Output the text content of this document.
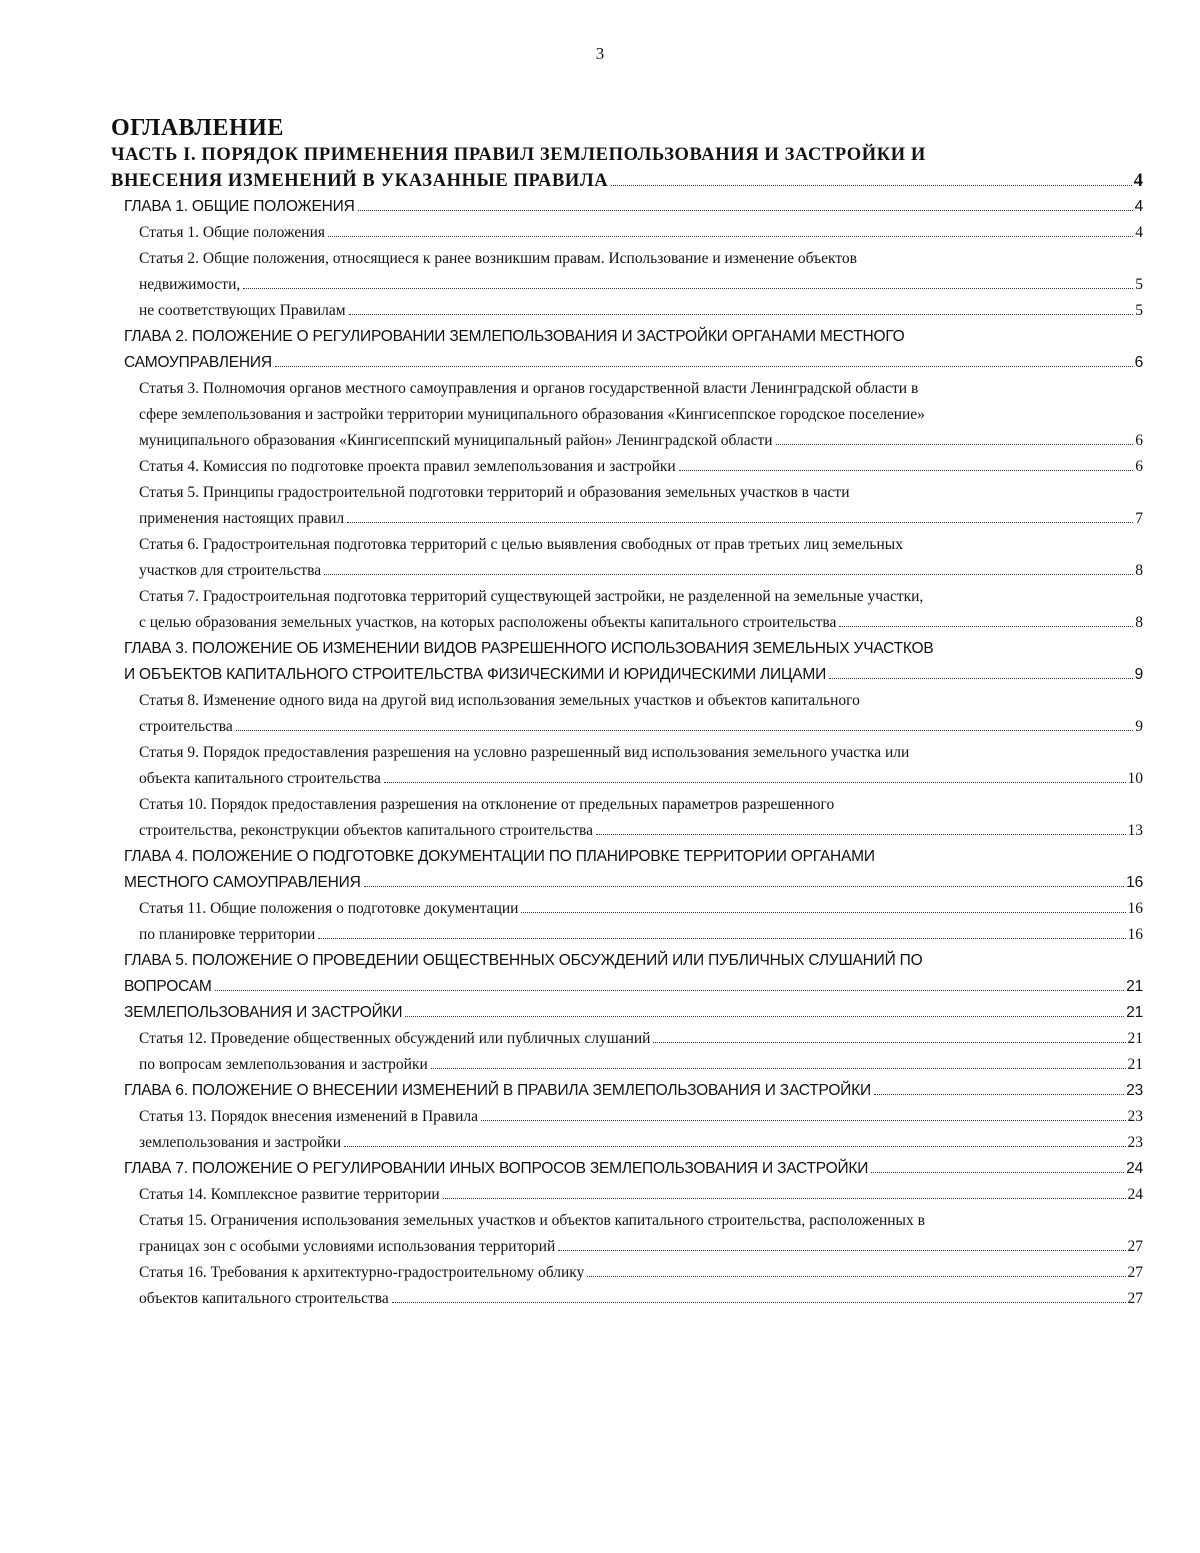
3
ОГЛАВЛЕНИЕ
ЧАСТЬ I. ПОРЯДОК ПРИМЕНЕНИЯ ПРАВИЛ ЗЕМЛЕПОЛЬЗОВАНИЯ И ЗАСТРОЙКИ И
ВНЕСЕНИЯ ИЗМЕНЕНИЙ В УКАЗАННЫЕ ПРАВИЛА	4
ГЛАВА 1. ОБЩИЕ ПОЛОЖЕНИЯ	4
Статья 1. Общие положения	4
Статья 2. Общие положения, относящиеся к ранее возникшим правам. Использование и изменение объектов
недвижимости,	5
не соответствующих Правилам	5
ГЛАВА 2. ПОЛОЖЕНИЕ О РЕГУЛИРОВАНИИ ЗЕМЛЕПОЛЬЗОВАНИЯ И ЗАСТРОЙКИ ОРГАНАМИ МЕСТНОГО
САМОУПРАВЛЕНИЯ	6
Статья 3. Полномочия органов местного самоуправления и органов государственной власти Ленинградской области в
сфере землепользования и застройки территории муниципального образования «Кингисеппское городское поселение»
муниципального образования «Кингисеппский муниципальный район» Ленинградской области	6
Статья 4. Комиссия по подготовке проекта правил землепользования и застройки	6
Статья 5. Принципы градостроительной подготовки территорий и образования земельных участков в части
применения настоящих правил	7
Статья 6. Градостроительная подготовка территорий с целью выявления свободных от прав третьих лиц земельных
участков для строительства	8
Статья 7. Градостроительная подготовка территорий существующей застройки, не разделенной на земельные участки,
с целью образования земельных участков, на которых расположены объекты капитального строительства	8
ГЛАВА 3. ПОЛОЖЕНИЕ ОБ ИЗМЕНЕНИИ ВИДОВ РАЗРЕШЕННОГО ИСПОЛЬЗОВАНИЯ ЗЕМЕЛЬНЫХ УЧАСТКОВ
И ОБЪЕКТОВ КАПИТАЛЬНОГО СТРОИТЕЛЬСТВА ФИЗИЧЕСКИМИ И ЮРИДИЧЕСКИМИ ЛИЦАМИ	9
Статья 8. Изменение одного вида на другой вид использования земельных участков и объектов капитального
строительства	9
Статья 9. Порядок предоставления разрешения на условно разрешенный вид использования земельного участка или
объекта капитального строительства	10
Статья 10. Порядок предоставления разрешения на отклонение от предельных параметров разрешенного
строительства, реконструкции объектов капитального строительства	13
ГЛАВА 4. ПОЛОЖЕНИЕ О ПОДГОТОВКЕ ДОКУМЕНТАЦИИ ПО ПЛАНИРОВКЕ ТЕРРИТОРИИ ОРГАНАМИ
МЕСТНОГО САМОУПРАВЛЕНИЯ	16
Статья 11. Общие положения о подготовке документации	16
по планировке территории	16
ГЛАВА 5. ПОЛОЖЕНИЕ О ПРОВЕДЕНИИ ОБЩЕСТВЕННЫХ ОБСУЖДЕНИЙ ИЛИ ПУБЛИЧНЫХ СЛУШАНИЙ ПО
ВОПРОСАМ	21
ЗЕМЛЕПОЛЬЗОВАНИЯ И ЗАСТРОЙКИ	21
Статья 12. Проведение общественных обсуждений или публичных слушаний	21
по вопросам землепользования и застройки	21
ГЛАВА 6. ПОЛОЖЕНИЕ О ВНЕСЕНИИ ИЗМЕНЕНИЙ В ПРАВИЛА ЗЕМЛЕПОЛЬЗОВАНИЯ И ЗАСТРОЙКИ	23
Статья 13. Порядок внесения изменений в Правила	23
землепользования и застройки	23
ГЛАВА 7. ПОЛОЖЕНИЕ О РЕГУЛИРОВАНИИ ИНЫХ ВОПРОСОВ ЗЕМЛЕПОЛЬЗОВАНИЯ И ЗАСТРОЙКИ	24
Статья 14. Комплексное развитие территории	24
Статья 15. Ограничения использования земельных участков и объектов капитального строительства, расположенных в
границах зон с особыми условиями использования территорий	27
Статья 16. Требования к архитектурно-градостроительному облику	27
объектов капитального строительства	27
